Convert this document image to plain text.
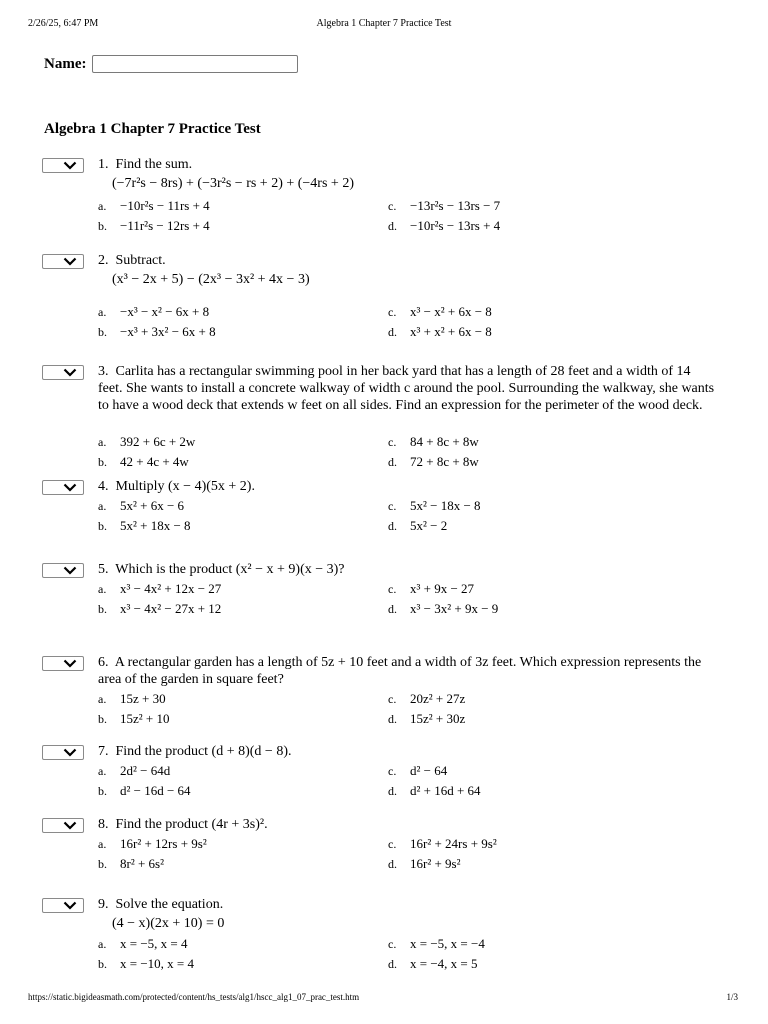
2/26/25, 6:47 PM	Algebra 1 Chapter 7 Practice Test
Name:
Algebra 1 Chapter 7 Practice Test
1. Find the sum.
(−7r²s − 8rs) + (−3r²s − rs + 2) + (−4rs + 2)
a. −10r²s − 11rs + 4
b. −11r²s − 12rs + 4
c. −13r²s − 13rs − 7
d. −10r²s − 13rs + 4
2. Subtract.
(x³ − 2x + 5) − (2x³ − 3x² + 4x − 3)
a. −x³ − x² − 6x + 8
b. −x³ + 3x² − 6x + 8
c. x³ − x² + 6x − 8
d. x³ + x² + 6x − 8
3. Carlita has a rectangular swimming pool in her back yard that has a length of 28 feet and a width of 14 feet. She wants to install a concrete walkway of width c around the pool. Surrounding the walkway, she wants to have a wood deck that extends w feet on all sides. Find an expression for the perimeter of the wood deck.
a. 392 + 6c + 2w
b. 42 + 4c + 4w
c. 84 + 8c + 8w
d. 72 + 8c + 8w
4. Multiply (x − 4)(5x + 2).
a. 5x² + 6x − 6
b. 5x² + 18x − 8
c. 5x² − 18x − 8
d. 5x² − 2
5. Which is the product (x² − x + 9)(x − 3)?
a. x³ − 4x² + 12x − 27
b. x³ − 4x² − 27x + 12
c. x³ + 9x − 27
d. x³ − 3x² + 9x − 9
6. A rectangular garden has a length of 5z + 10 feet and a width of 3z feet. Which expression represents the area of the garden in square feet?
a. 15z + 30
b. 15z² + 10
c. 20z² + 27z
d. 15z² + 30z
7. Find the product (d + 8)(d − 8).
a. 2d² − 64d
b. d² − 16d − 64
c. d² − 64
d. d² + 16d + 64
8. Find the product (4r + 3s)².
a. 16r² + 12rs + 9s²
b. 8r² + 6s²
c. 16r² + 24rs + 9s²
d. 16r² + 9s²
9. Solve the equation.
(4 − x)(2x + 10) = 0
a. x = −5, x = 4
b. x = −10, x = 4
c. x = −5, x = −4
d. x = −4, x = 5
https://static.bigideasmath.com/protected/content/hs_tests/alg1/hscc_alg1_07_prac_test.htm	1/3
